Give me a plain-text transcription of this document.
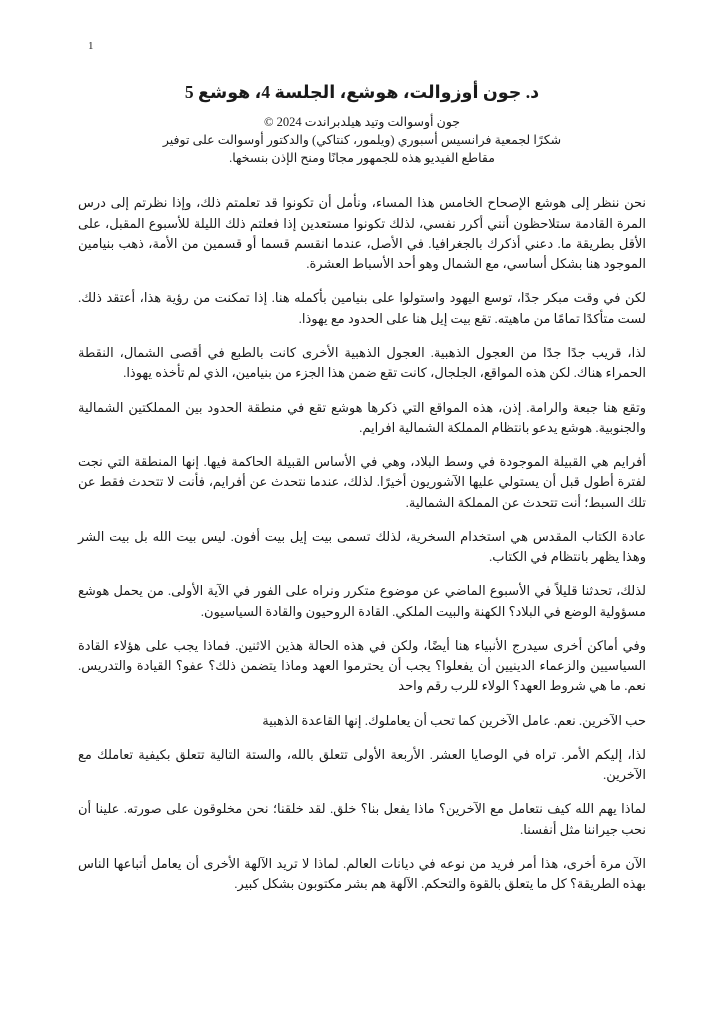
1
د. جون أوزوالت، هوشع، الجلسة 4، هوشع 5

جون أوسوالت وتيد هيلدبراندت 2024 ©

شكرًا لجمعية فرانسيس أسبوري (ويلمور، كنتاكي) والدكتور أوسوالت على توفير

مقاطع الفيديو هذه للجمهور مجانًا ومنح الإذن بنسخها.

نحن ننظر إلى هوشع الإصحاح الخامس هذا المساء، ونأمل أن تكونوا قد تعلمتم ذلك، وإذا نظرتم إلى درس المرة القادمة ستلاحظون أنني أكرر نفسي، لذلك تكونوا مستعدين إذا فعلتم ذلك الليلة للأسبوع المقبل، على الأقل بطريقة ما. دعني أذكرك بالجغرافيا. في الأصل، عندما انقسم قسما أو قسمين من الأمة، ذهب بنيامين الموجود هنا بشكل أساسي، مع الشمال وهو أحد الأسباط العشرة.

لكن في وقت مبكر جدًا، توسع اليهود واستولوا على بنيامين بأكمله هنا. إذا تمكنت من رؤية هذا، أعتقد ذلك. لست متأكدًا تمامًا من ماهيته. تقع بيت إيل هنا على الحدود مع يهوذا.

لذا، قريب جدًا جدًا من العجول الذهبية. العجول الذهبية الأخرى كانت بالطبع في أقصى الشمال، النقطة الحمراء هناك. لكن هذه المواقع، الجلجال، كانت تقع ضمن هذا الجزء من بنيامين، الذي لم تأخذه يهوذا.

وتقع هنا جبعة والرامة. إذن، هذه المواقع التي ذكرها هوشع تقع في منطقة الحدود بين المملكتين الشمالية والجنوبية. هوشع يدعو بانتظام المملكة الشمالية افرايم.

أفرايم هي القبيلة الموجودة في وسط البلاد، وهي في الأساس القبيلة الحاكمة فيها. إنها المنطقة التي نجت لفترة أطول قبل أن يستولي عليها الآشوريون أخيرًا. لذلك، عندما نتحدث عن أفرايم، فأنت لا تتحدث فقط عن تلك السبط؛ أنت تتحدث عن المملكة الشمالية.

عادة الكتاب المقدس هي استخدام السخرية، لذلك تسمى بيت إيل بيت أفون. ليس بيت الله بل بيت الشر وهذا يظهر بانتظام في الكتاب.

لذلك، تحدثنا قليلاً في الأسبوع الماضي عن موضوع متكرر ونراه على الفور في الآية الأولى. من يحمل هوشع مسؤولية الوضع في البلاد؟ الكهنة والبيت الملكي. القادة الروحيون والقادة السياسيون.

وفي أماكن أخرى سيدرج الأنبياء هنا أيضًا، ولكن في هذه الحالة هذين الاثنين. فماذا يجب على هؤلاء القادة السياسيين والزعماء الدينيين أن يفعلوا؟ يجب أن يحترموا العهد وماذا يتضمن ذلك؟ عفو؟ القيادة والتدريس. نعم. ما هي شروط العهد؟ الولاء للرب رقم واحد

حب الآخرين. نعم. عامل الآخرين كما تحب أن يعاملوك. إنها القاعدة الذهبية

لذا، إليكم الأمر. تراه في الوصايا العشر. الأربعة الأولى تتعلق بالله، والستة التالية تتعلق بكيفية تعاملك مع الآخرين.

لماذا يهم الله كيف نتعامل مع الآخرين؟ ماذا يفعل بنا؟ خلق. لقد خلقنا؛ نحن مخلوقون على صورته. علينا أن نحب جيراننا مثل أنفسنا.

الآن مرة أخرى، هذا أمر فريد من نوعه في ديانات العالم. لماذا لا تريد الآلهة الأخرى أن يعامل أتباعها الناس بهذه الطريقة؟ كل ما يتعلق بالقوة والتحكم. الآلهة هم بشر مكتوبون بشكل كبير.
